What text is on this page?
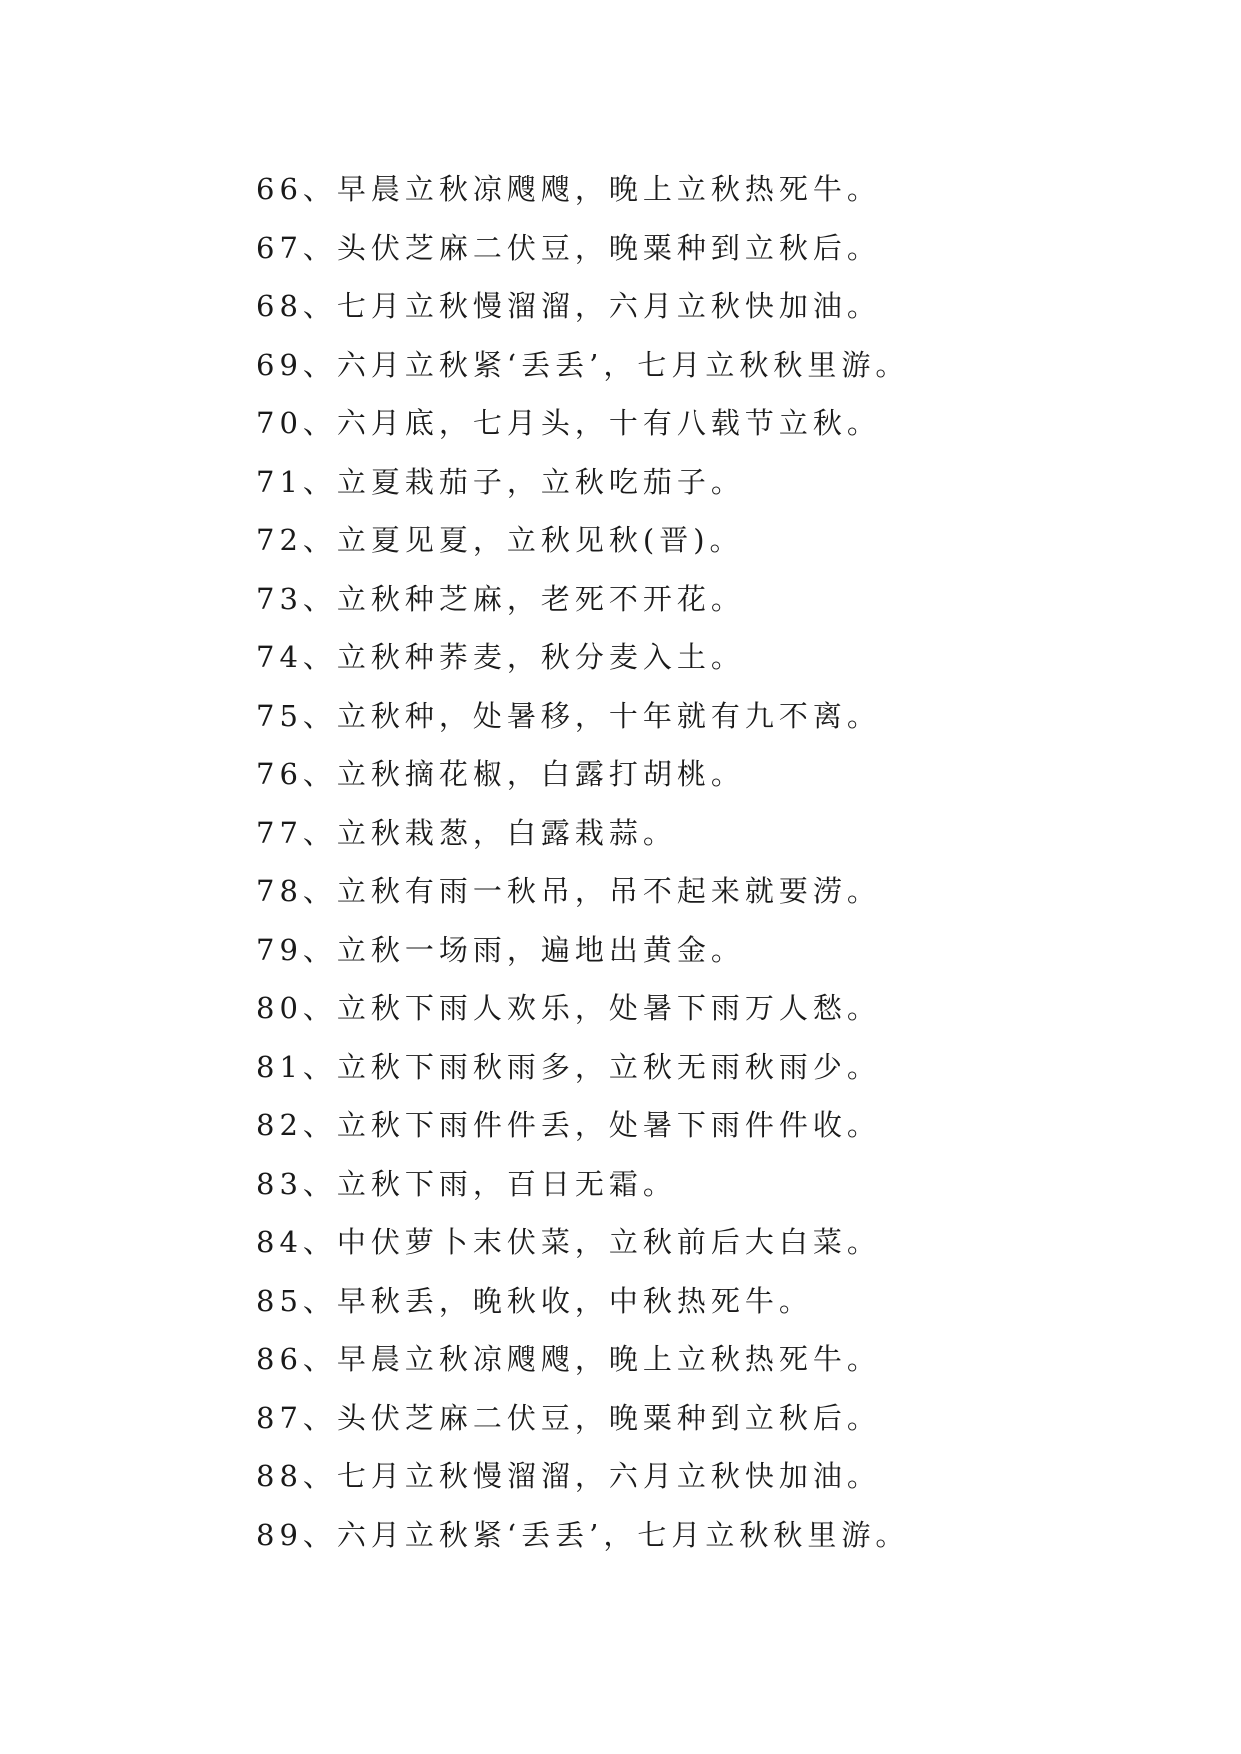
66、早晨立秋凉飕飕，晚上立秋热死牛。
67、头伏芝麻二伏豆，晚粟种到立秋后。
68、七月立秋慢溜溜，六月立秋快加油。
69、六月立秋紧‘丢丢’，七月立秋秋里游。
70、六月底，七月头，十有八载节立秋。
71、立夏栽茄子，立秋吃茄子。
72、立夏见夏，立秋见秋(晋)。
73、立秋种芝麻，老死不开花。
74、立秋种荞麦，秋分麦入土。
75、立秋种，处暑移，十年就有九不离。
76、立秋摘花椒，白露打胡桃。
77、立秋栽葱，白露栽蒜。
78、立秋有雨一秋吊，吊不起来就要涝。
79、立秋一场雨，遍地出黄金。
80、立秋下雨人欢乐，处暑下雨万人愁。
81、立秋下雨秋雨多，立秋无雨秋雨少。
82、立秋下雨件件丢，处暑下雨件件收。
83、立秋下雨，百日无霜。
84、中伏萝卜末伏菜，立秋前后大白菜。
85、早秋丢，晚秋收，中秋热死牛。
86、早晨立秋凉飕飕，晚上立秋热死牛。
87、头伏芝麻二伏豆，晚粟种到立秋后。
88、七月立秋慢溜溜，六月立秋快加油。
89、六月立秋紧‘丢丢’，七月立秋秋里游。
